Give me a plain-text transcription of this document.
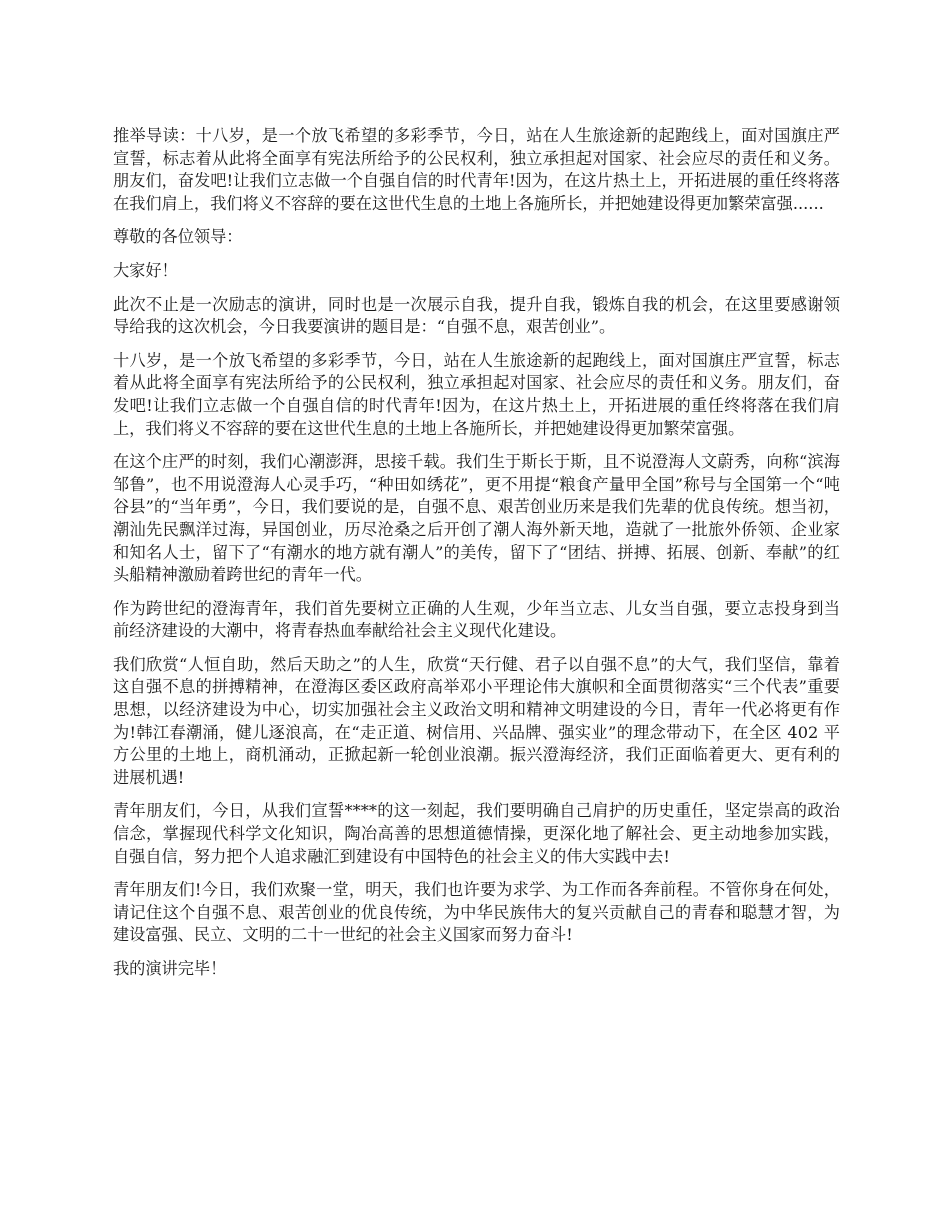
推举导读：十八岁，是一个放飞希望的多彩季节，今日，站在人生旅途新的起跑线上，面对国旗庄严宣誓，标志着从此将全面享有宪法所给予的公民权利，独立承担起对国家、社会应尽的责任和义务。朋友们，奋发吧!让我们立志做一个自强自信的时代青年!因为，在这片热土上，开拓进展的重任终将落在我们肩上，我们将义不容辞的要在这世代生息的土地上各施所长，并把她建设得更加繁荣富强......

尊敬的各位领导：

大家好！

此次不止是一次励志的演讲，同时也是一次展示自我，提升自我，锻炼自我的机会，在这里要感谢领导给我的这次机会，今日我要演讲的题目是：“自强不息，艰苦创业”。

十八岁，是一个放飞希望的多彩季节，今日，站在人生旅途新的起跑线上，面对国旗庄严宣誓，标志着从此将全面享有宪法所给予的公民权利，独立承担起对国家、社会应尽的责任和义务。朋友们，奋发吧!让我们立志做一个自强自信的时代青年!因为，在这片热土上，开拓进展的重任终将落在我们肩上，我们将义不容辞的要在这世代生息的土地上各施所长，并把她建设得更加繁荣富强。

在这个庄严的时刻，我们心潮澎湃，思接千载。我们生于斯长于斯，且不说澄海人文蔚秀，向称“滨海邹鲁”，也不用说澄海人心灵手巧，“种田如绣花”，更不用提“粮食产量甲全国”称号与全国第一个“吨谷县”的“当年勇”，今日，我们要说的是，自强不息、艰苦创业历来是我们先辈的优良传统。想当初，潮汕先民飘洋过海，异国创业，历尽沧桑之后开创了潮人海外新天地，造就了一批旅外侨领、企业家和知名人士，留下了“有潮水的地方就有潮人”的美传，留下了“团结、拼搏、拓展、创新、奉献”的红头船精神激励着跨世纪的青年一代。

作为跨世纪的澄海青年，我们首先要树立正确的人生观，少年当立志、儿女当自强，要立志投身到当前经济建设的大潮中，将青春热血奉献给社会主义现代化建设。

我们欣赏“人恒自助，然后天助之”的人生，欣赏“天行健、君子以自强不息”的大气，我们坚信，靠着这自强不息的拼搏精神，在澄海区委区政府高举邓小平理论伟大旗帜和全面贯彻落实“三个代表”重要思想，以经济建设为中心，切实加强社会主义政治文明和精神文明建设的今日，青年一代必将更有作为!韩江春潮涌，健儿逐浪高，在“走正道、树信用、兴品牌、强实业”的理念带动下，在全区 402 平方公里的土地上，商机涌动，正掀起新一轮创业浪潮。振兴澄海经济，我们正面临着更大、更有利的进展机遇!

青年朋友们，今日，从我们宣誓****的这一刻起，我们要明确自己肩护的历史重任，坚定崇高的政治信念，掌握现代科学文化知识，陶冶高善的思想道德情操，更深化地了解社会、更主动地参加实践，自强自信，努力把个人追求融汇到建设有中国特色的社会主义的伟大实践中去!

青年朋友们!今日，我们欢聚一堂，明天，我们也许要为求学、为工作而各奔前程。不管你身在何处，请记住这个自强不息、艰苦创业的优良传统，为中华民族伟大的复兴贡献自己的青春和聪慧才智，为建设富强、民立、文明的二十一世纪的社会主义国家而努力奋斗!

我的演讲完毕！
